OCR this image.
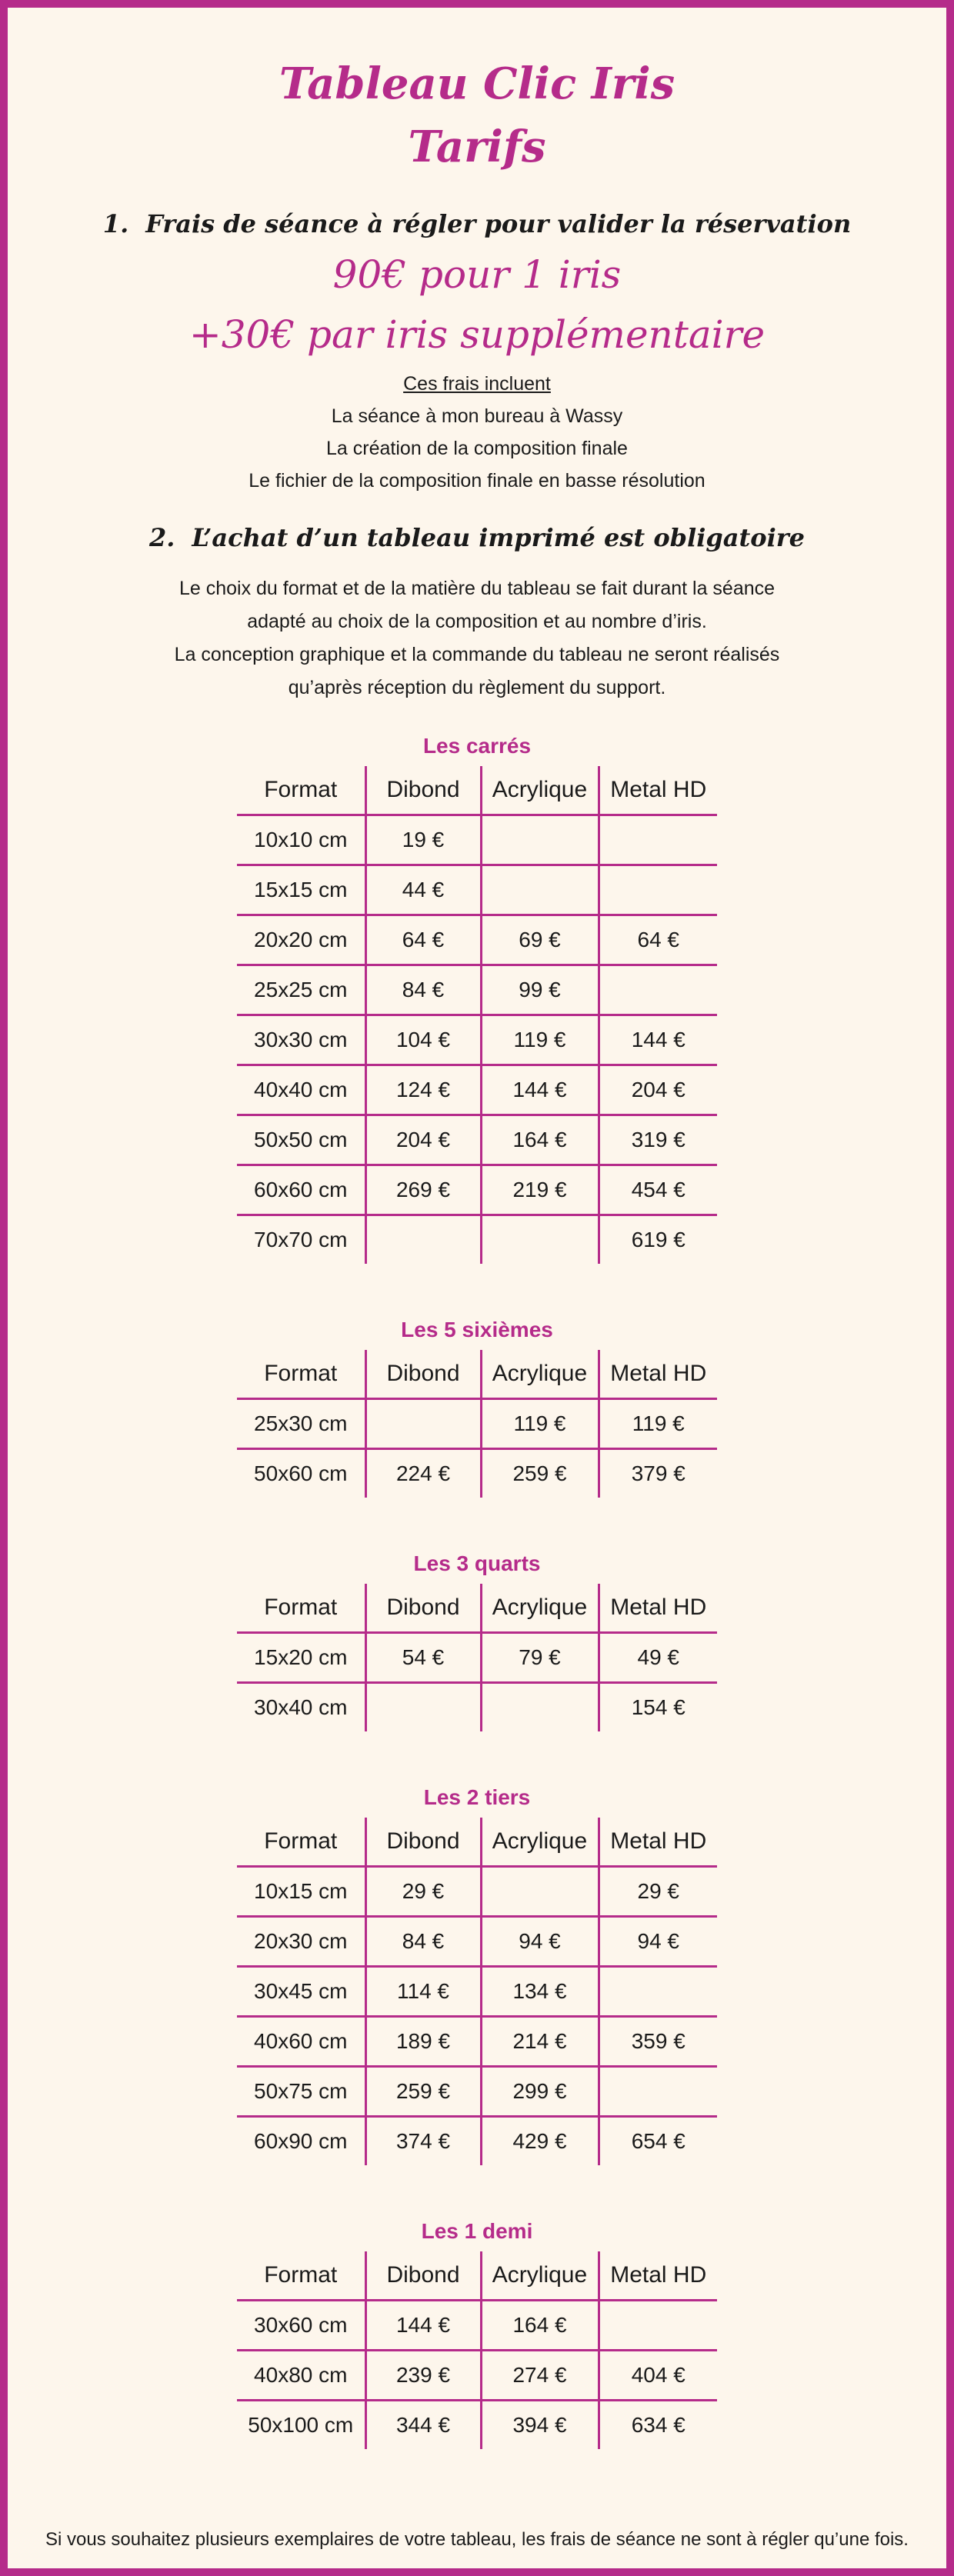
Tableau Clic Iris
Tarifs
1. Frais de séance à régler pour valider la réservation

90€ pour 1 iris

+30€ par iris supplémentaire

Ces frais incluent

La séance à mon bureau à Wassy

La création de la composition finale

Le fichier de la composition finale en basse résolution

2. L’achat d’un tableau imprimé est obligatoire

Le choix du format et de la matière du tableau se fait durant la séance

adapté au choix de la composition et au nombre d’iris.

La conception graphique et la commande du tableau ne seront réalisés

qu’après réception du règlement du support.

Les carrés
Format	Dibond	Acrylique	Metal HD
10x10 cm	19 €		
15x15 cm	44 €		
20x20 cm	64 €	69 €	64 €
25x25 cm	84 €	99 €	
30x30 cm	104 €	119 €	144 €
40x40 cm	124 €	144 €	204 €
50x50 cm	204 €	164 €	319 €
60x60 cm	269 €	219 €	454 €
70x70 cm			619 €
Les 5 sixièmes
Format	Dibond	Acrylique	Metal HD
25x30 cm		119 €	119 €
50x60 cm	224 €	259 €	379 €
Les 3 quarts
Format	Dibond	Acrylique	Metal HD
15x20 cm	54 €	79 €	49 €
30x40 cm			154 €
Les 2 tiers
Format	Dibond	Acrylique	Metal HD
10x15 cm	29 €		29 €
20x30 cm	84 €	94 €	94 €
30x45 cm	114 €	134 €	
40x60 cm	189 €	214 €	359 €
50x75 cm	259 €	299 €	
60x90 cm	374 €	429 €	654 €
Les 1 demi
Format	Dibond	Acrylique	Metal HD
30x60 cm	144 €	164 €	
40x80 cm	239 €	274 €	404 €
50x100 cm	344 €	394 €	634 €

Si vous souhaitez plusieurs exemplaires de votre tableau, les frais de séance ne sont à régler qu’une fois.
